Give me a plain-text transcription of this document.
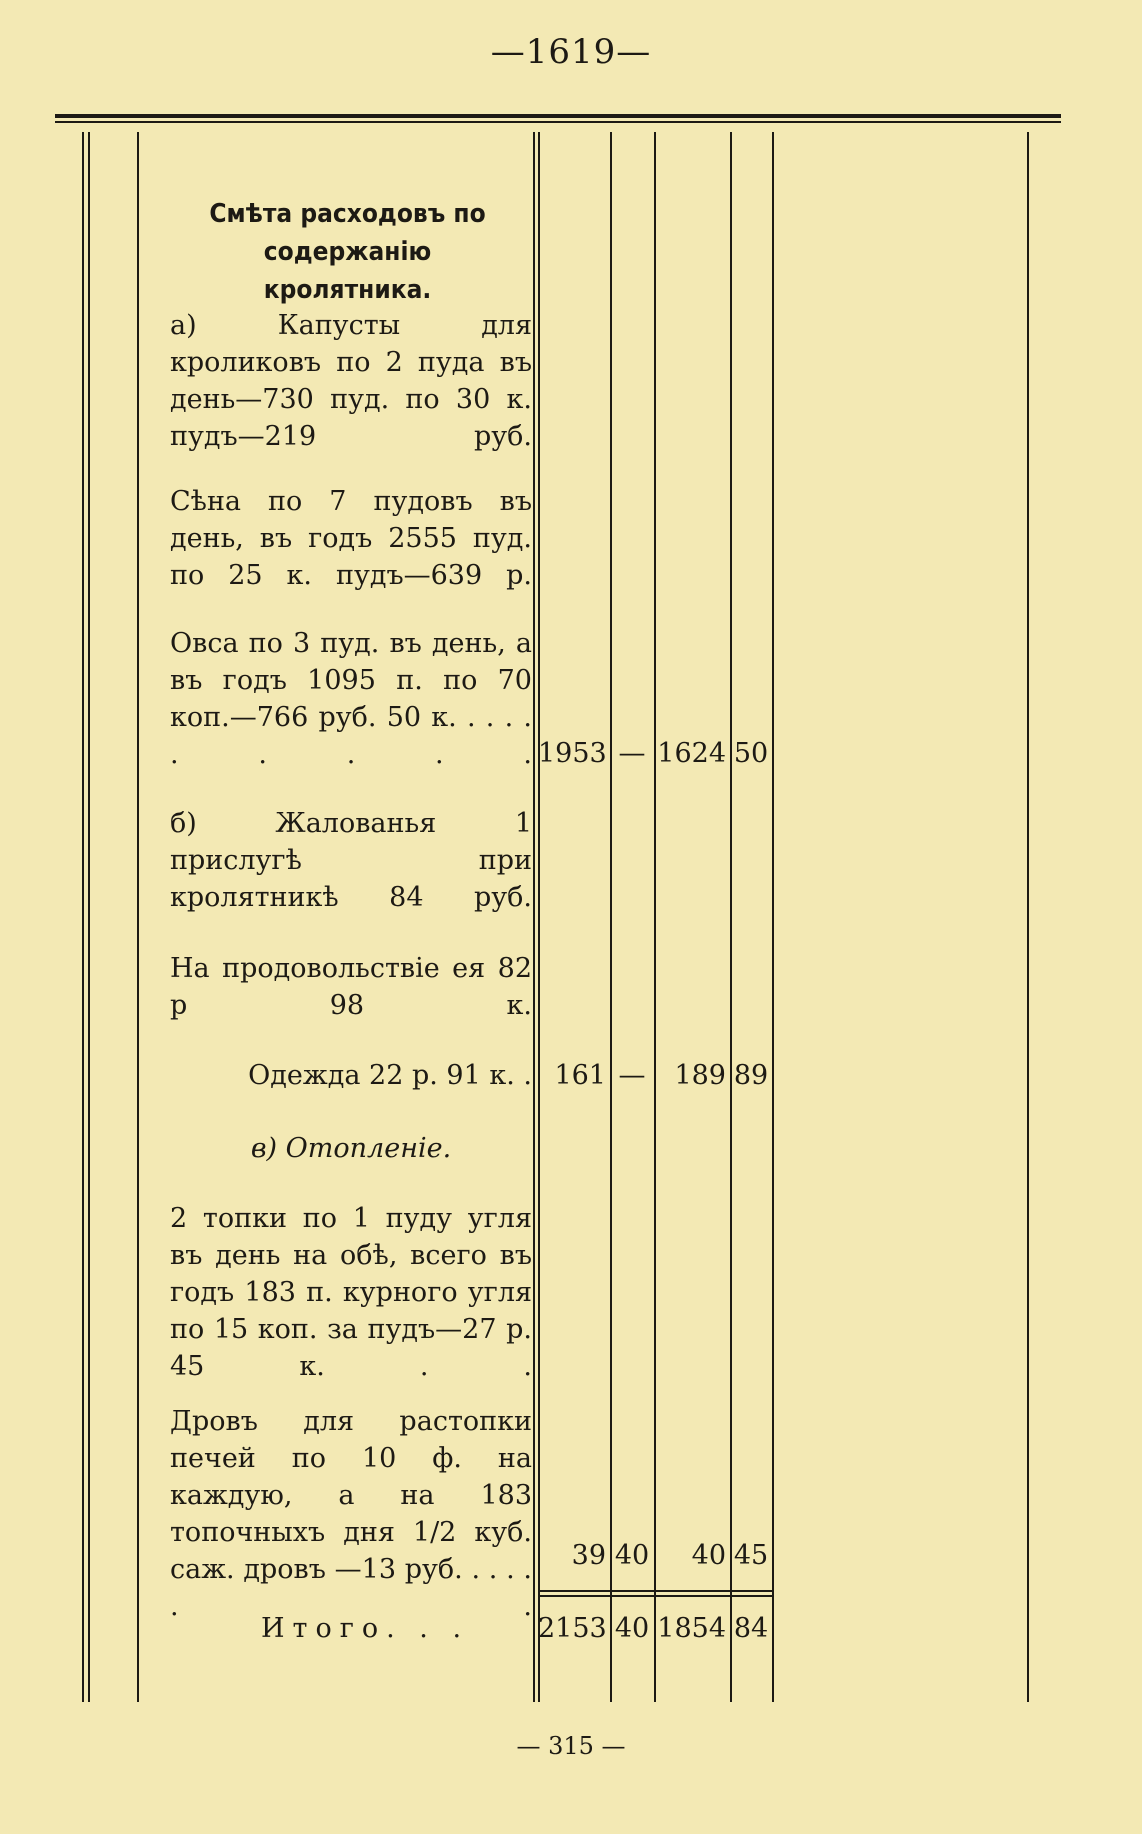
—1619—
Смѣта расходовъ по содержанію кролятника.
а) Капусты для кроликовъ по 2 пуда въ день—730 пуд. по 30 к. пудъ—219 руб.
Сѣна по 7 пудовъ въ день, въ годъ 2555 пуд. по 25 к. пудъ—639 р.
Овса по 3 пуд. въ день, а въ годъ 1095 п. по 70 коп.—766 руб. 50 к. . . . . . . . . . 1953 — 1624 50
б) Жалованья 1 прислугѣ при кролятникѣ 84 руб.
На продовольствіе ея 82 р 98 к.
Одежда 22 р. 91 к. . 161 —	189 89
в) Отопленіе.
2 топки по 1 пуду угля въ день на обѣ, всего въ годъ 183 п. курного угля по 15 коп. за пудъ—27 р. 45 к. . .
Дровъ для растопки печей по 10 ф. на каждую, а на 183 топочныхъ дня 1/2 куб. саж. дровъ —13 руб. . . . . . .
39 40	40 45
Итого. . .	2153 40 1854 84
— 315 —
